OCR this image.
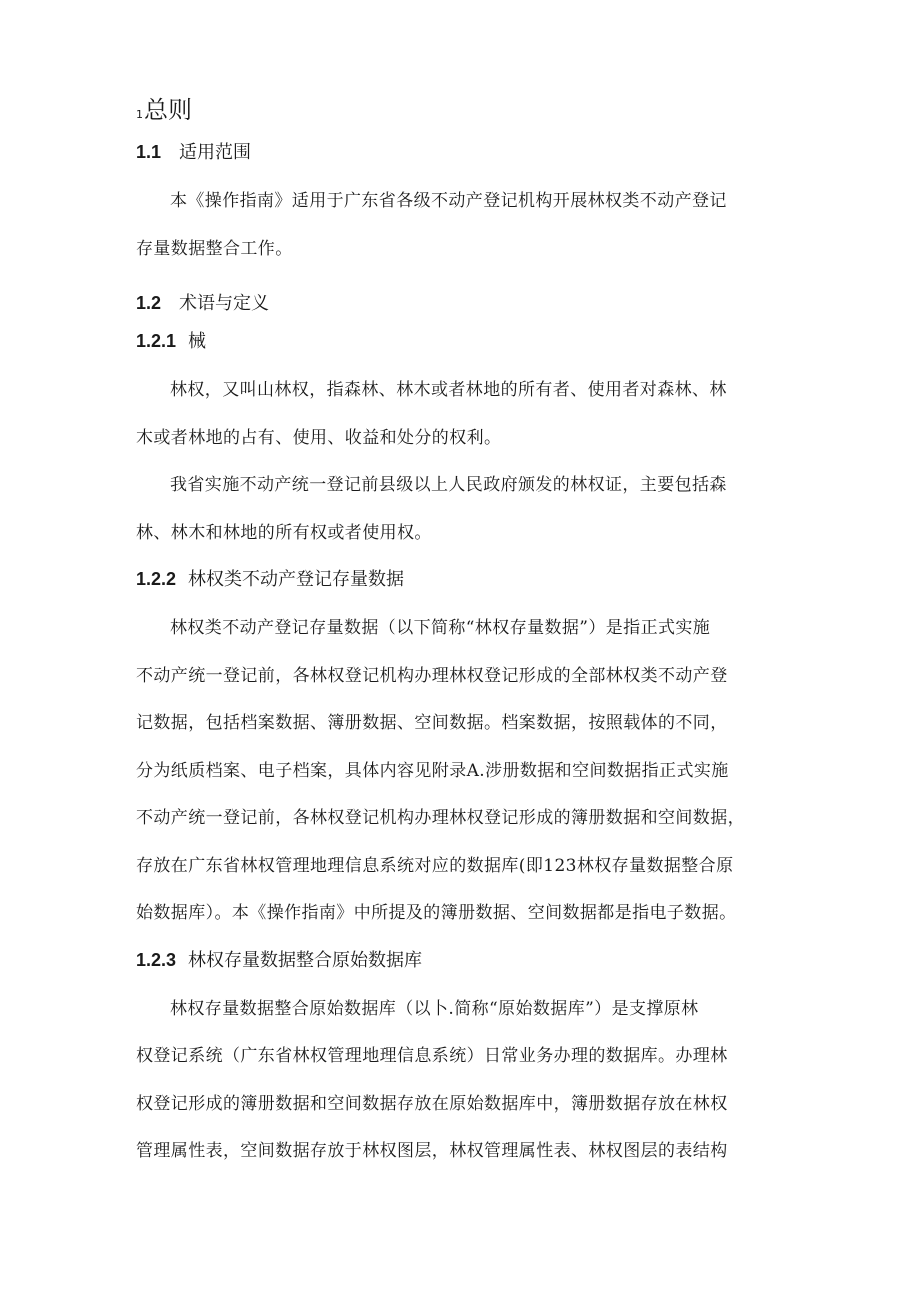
1总则
1.1 适用范围
本《操作指南》适用于广东省各级不动产登记机构开展林权类不动产登记
存量数据整合工作。
1.2 术语与定义
1.2.1 械
林权，又叫山林权，指森林、林木或者林地的所有者、使用者对森林、林
木或者林地的占有、使用、收益和处分的权利。
我省实施不动产统一登记前县级以上人民政府颁发的林权证，主要包括森
林、林木和林地的所有权或者使用权。
1.2.2 林权类不动产登记存量数据
林权类不动产登记存量数据（以下简称“林权存量数据”）是指正式实施
不动产统一登记前，各林权登记机构办理林权登记形成的全部林权类不动产登
记数据，包括档案数据、簿册数据、空间数据。档案数据，按照载体的不同，
分为纸质档案、电子档案，具体内容见附录A.涉册数据和空间数据指正式实施
不动产统一登记前，各林权登记机构办理林权登记形成的簿册数据和空间数据，
存放在广东省林权管理地理信息系统对应的数据库(即123林权存量数据整合原
始数据库）。本《操作指南》中所提及的簿册数据、空间数据都是指电子数据。
1.2.3 林权存量数据整合原始数据库
林权存量数据整合原始数据库（以卜.简称“原始数据库”）是支撑原林
权登记系统（广东省林权管理地理信息系统）日常业务办理的数据库。办理林
权登记形成的簿册数据和空间数据存放在原始数据库中，簿册数据存放在林权
管理属性表，空间数据存放于林权图层，林权管理属性表、林权图层的表结构
